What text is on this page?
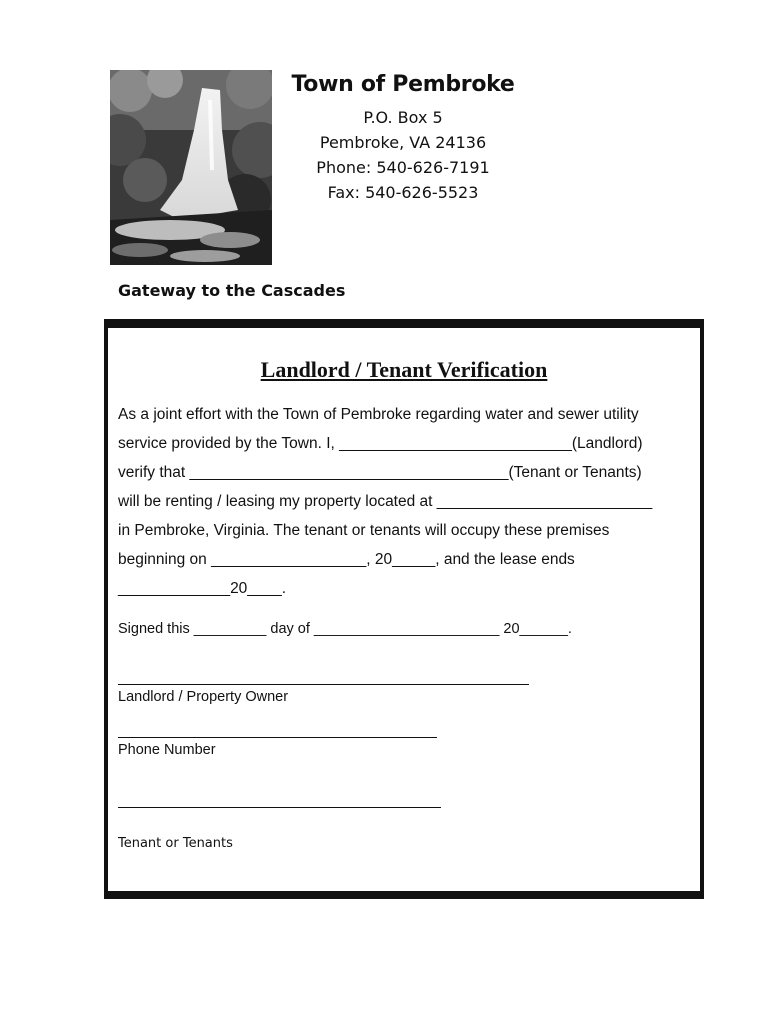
Town of Pembroke
P.O. Box 5
Pembroke, VA 24136
Phone: 540-626-7191
Fax: 540-626-5523
Gateway to the Cascades
Landlord / Tenant Verification
As a joint effort with the Town of Pembroke regarding water and sewer utility
service provided by the Town. I, ___________________________(Landlord)
verify that _____________________________________(Tenant or Tenants)
will be renting / leasing my property located at _________________________
in Pembroke, Virginia. The tenant or tenants will occupy these premises
beginning on __________________, 20_____, and the lease ends
_____________20____.
Signed this _________ day of _______________________ 20______.
Landlord / Property Owner
Phone Number
Tenant or Tenants
